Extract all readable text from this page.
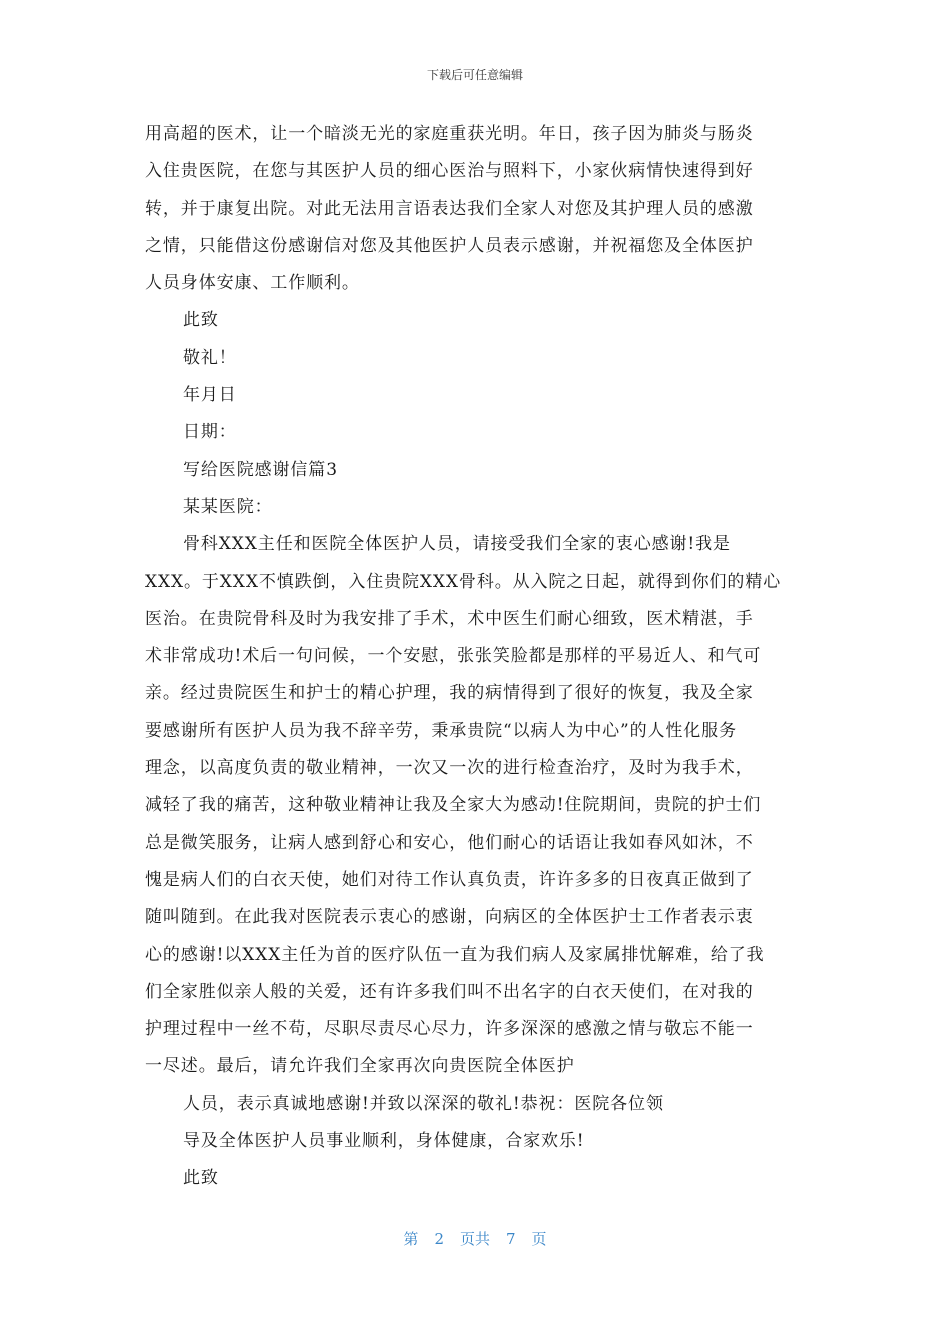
下载后可任意编辑
用高超的医术，让一个暗淡无光的家庭重获光明。年日，孩子因为肺炎与肠炎
入住贵医院，在您与其医护人员的细心医治与照料下，小家伙病情快速得到好
转，并于康复出院。对此无法用言语表达我们全家人对您及其护理人员的感激
之情，只能借这份感谢信对您及其他医护人员表示感谢，并祝福您及全体医护
人员身体安康、工作顺利。
此致
敬礼！
年月日
日期：
写给医院感谢信篇3
某某医院：
骨科XXX主任和医院全体医护人员，请接受我们全家的衷心感谢!我是
XXX。于XXX不慎跌倒，入住贵院XXX骨科。从入院之日起，就得到你们的精心
医治。在贵院骨科及时为我安排了手术，术中医生们耐心细致，医术精湛，手
术非常成功!术后一句问候，一个安慰，张张笑脸都是那样的平易近人、和气可
亲。经过贵院医生和护士的精心护理，我的病情得到了很好的恢复，我及全家
要感谢所有医护人员为我不辞辛劳，秉承贵院“以病人为中心”的人性化服务
理念，以高度负责的敬业精神，一次又一次的进行检查治疗，及时为我手术，
减轻了我的痛苦，这种敬业精神让我及全家大为感动!住院期间，贵院的护士们
总是微笑服务，让病人感到舒心和安心，他们耐心的话语让我如春风如沐，不
愧是病人们的白衣天使，她们对待工作认真负责，许许多多的日夜真正做到了
随叫随到。在此我对医院表示衷心的感谢，向病区的全体医护士工作者表示衷
心的感谢!以XXX主任为首的医疗队伍一直为我们病人及家属排忧解难，给了我
们全家胜似亲人般的关爱，还有许多我们叫不出名字的白衣天使们，在对我的
护理过程中一丝不苟，尽职尽责尽心尽力，许多深深的感激之情与敬忘不能一
一尽述。最后，请允许我们全家再次向贵医院全体医护
人员，表示真诚地感谢!并致以深深的敬礼!恭祝：医院各位领
导及全体医护人员事业顺利，身体健康，合家欢乐!
此致
第 2 页共 7 页
